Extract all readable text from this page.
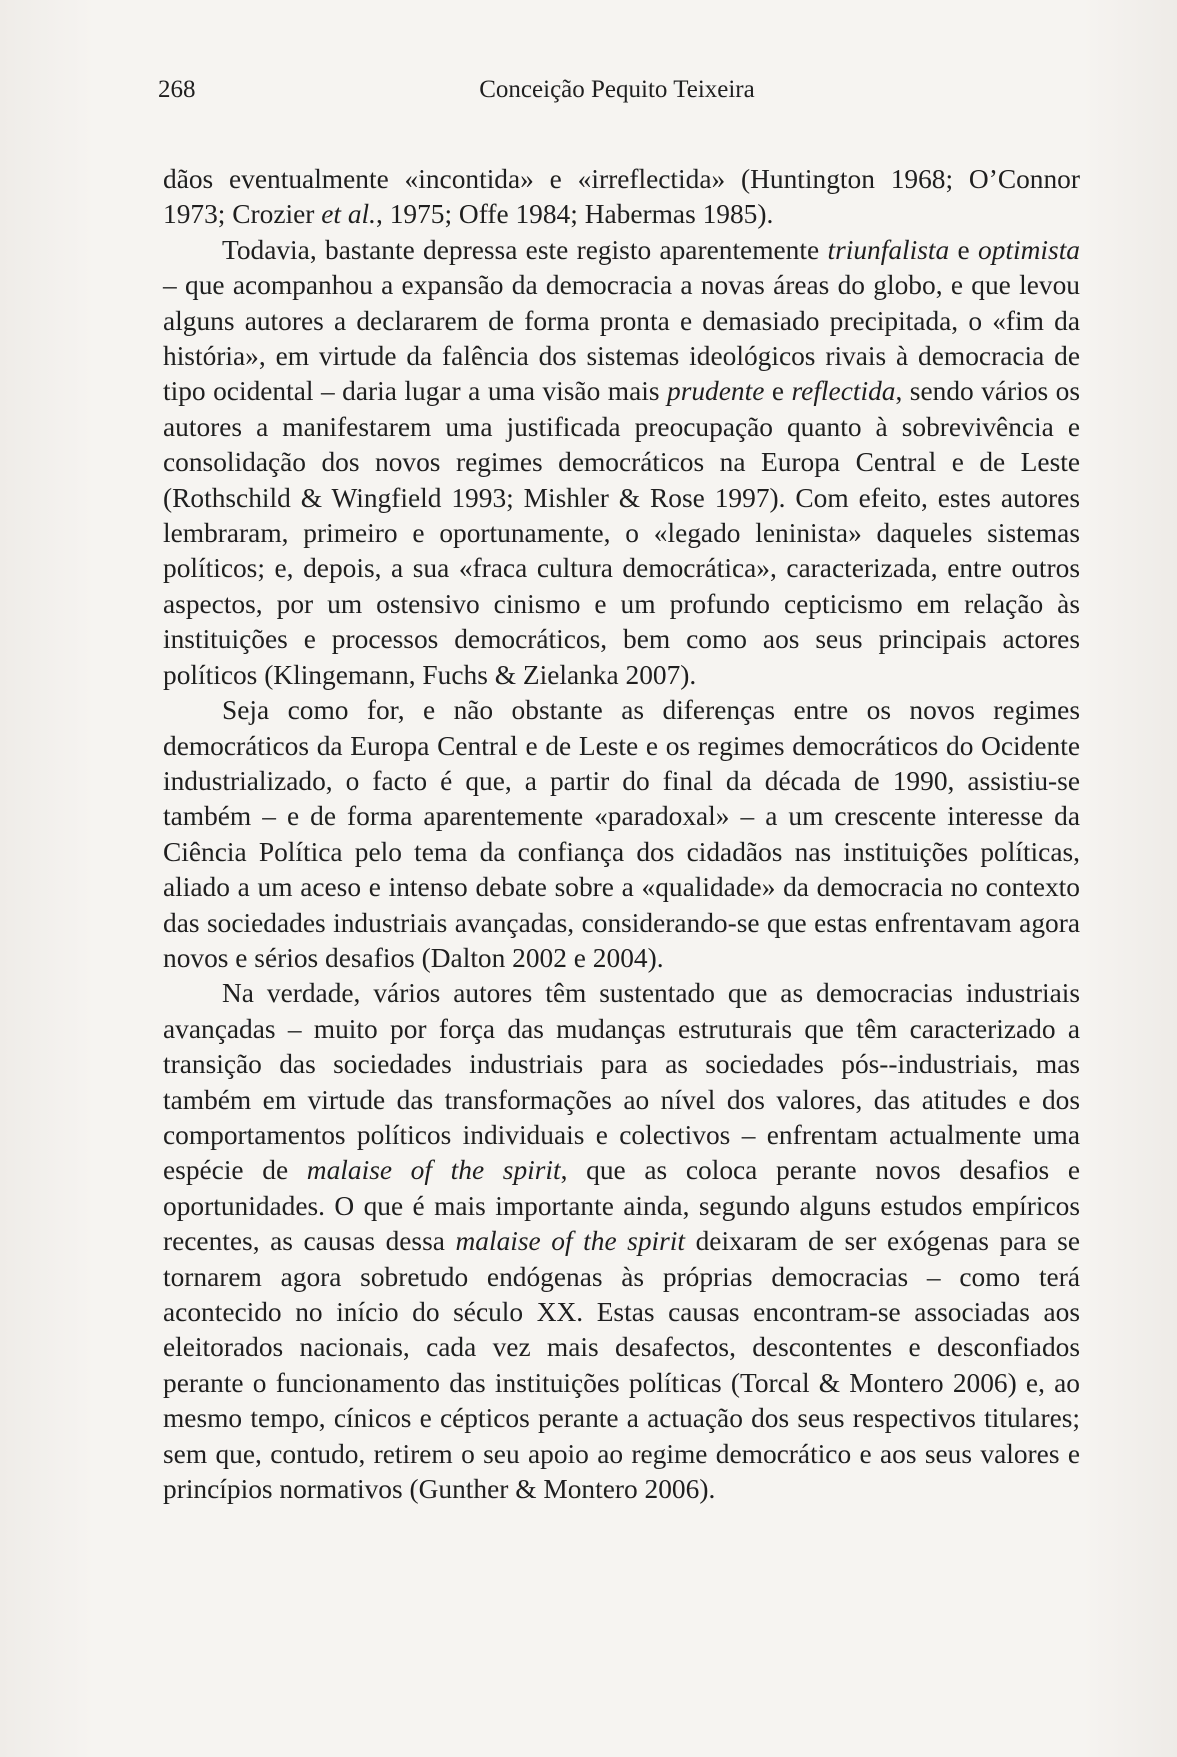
268	Conceição Pequito Teixeira

dãos eventualmente «incontida» e «irreflectida» (Huntington 1968; O’Connor 1973; Crozier et al., 1975; Offe 1984; Habermas 1985).

Todavia, bastante depressa este registo aparentemente triunfalista e optimista – que acompanhou a expansão da democracia a novas áreas do globo, e que levou alguns autores a declararem de forma pronta e demasiado precipitada, o «fim da história», em virtude da falência dos sistemas ideológicos rivais à democracia de tipo ocidental – daria lugar a uma visão mais prudente e reflectida, sendo vários os autores a manifestarem uma justificada preocupação quanto à sobrevivência e consolidação dos novos regimes democráticos na Europa Central e de Leste (Rothschild & Wingfield 1993; Mishler & Rose 1997). Com efeito, estes autores lembraram, primeiro e oportunamente, o «legado leninista» daqueles sistemas políticos; e, depois, a sua «fraca cultura democrática», caracterizada, entre outros aspectos, por um ostensivo cinismo e um profundo cepticismo em relação às instituições e processos democráticos, bem como aos seus principais actores políticos (Klingemann, Fuchs & Zielanka 2007).

Seja como for, e não obstante as diferenças entre os novos regimes democráticos da Europa Central e de Leste e os regimes democráticos do Ocidente industrializado, o facto é que, a partir do final da década de 1990, assistiu-se também – e de forma aparentemente «paradoxal» – a um crescente interesse da Ciência Política pelo tema da confiança dos cidadãos nas instituições políticas, aliado a um aceso e intenso debate sobre a «qualidade» da democracia no contexto das sociedades industriais avançadas, considerando-se que estas enfrentavam agora novos e sérios desafios (Dalton 2002 e 2004).

Na verdade, vários autores têm sustentado que as democracias industriais avançadas – muito por força das mudanças estruturais que têm caracterizado a transição das sociedades industriais para as sociedades pós‑-industriais, mas também em virtude das transformações ao nível dos valores, das atitudes e dos comportamentos políticos individuais e colectivos – enfrentam actualmente uma espécie de malaise of the spirit, que as coloca perante novos desafios e oportunidades. O que é mais importante ainda, segundo alguns estudos empíricos recentes, as causas dessa malaise of the spirit deixaram de ser exógenas para se tornarem agora sobretudo endógenas às próprias democracias – como terá acontecido no início do século XX. Estas causas encontram-se associadas aos eleitorados nacionais, cada vez mais desafectos, descontentes e desconfiados perante o funcionamento das instituições políticas (Torcal & Montero 2006) e, ao mesmo tempo, cínicos e cépticos perante a actuação dos seus respectivos titulares; sem que, contudo, retirem o seu apoio ao regime democrático e aos seus valores e princípios normativos (Gunther & Montero 2006).
